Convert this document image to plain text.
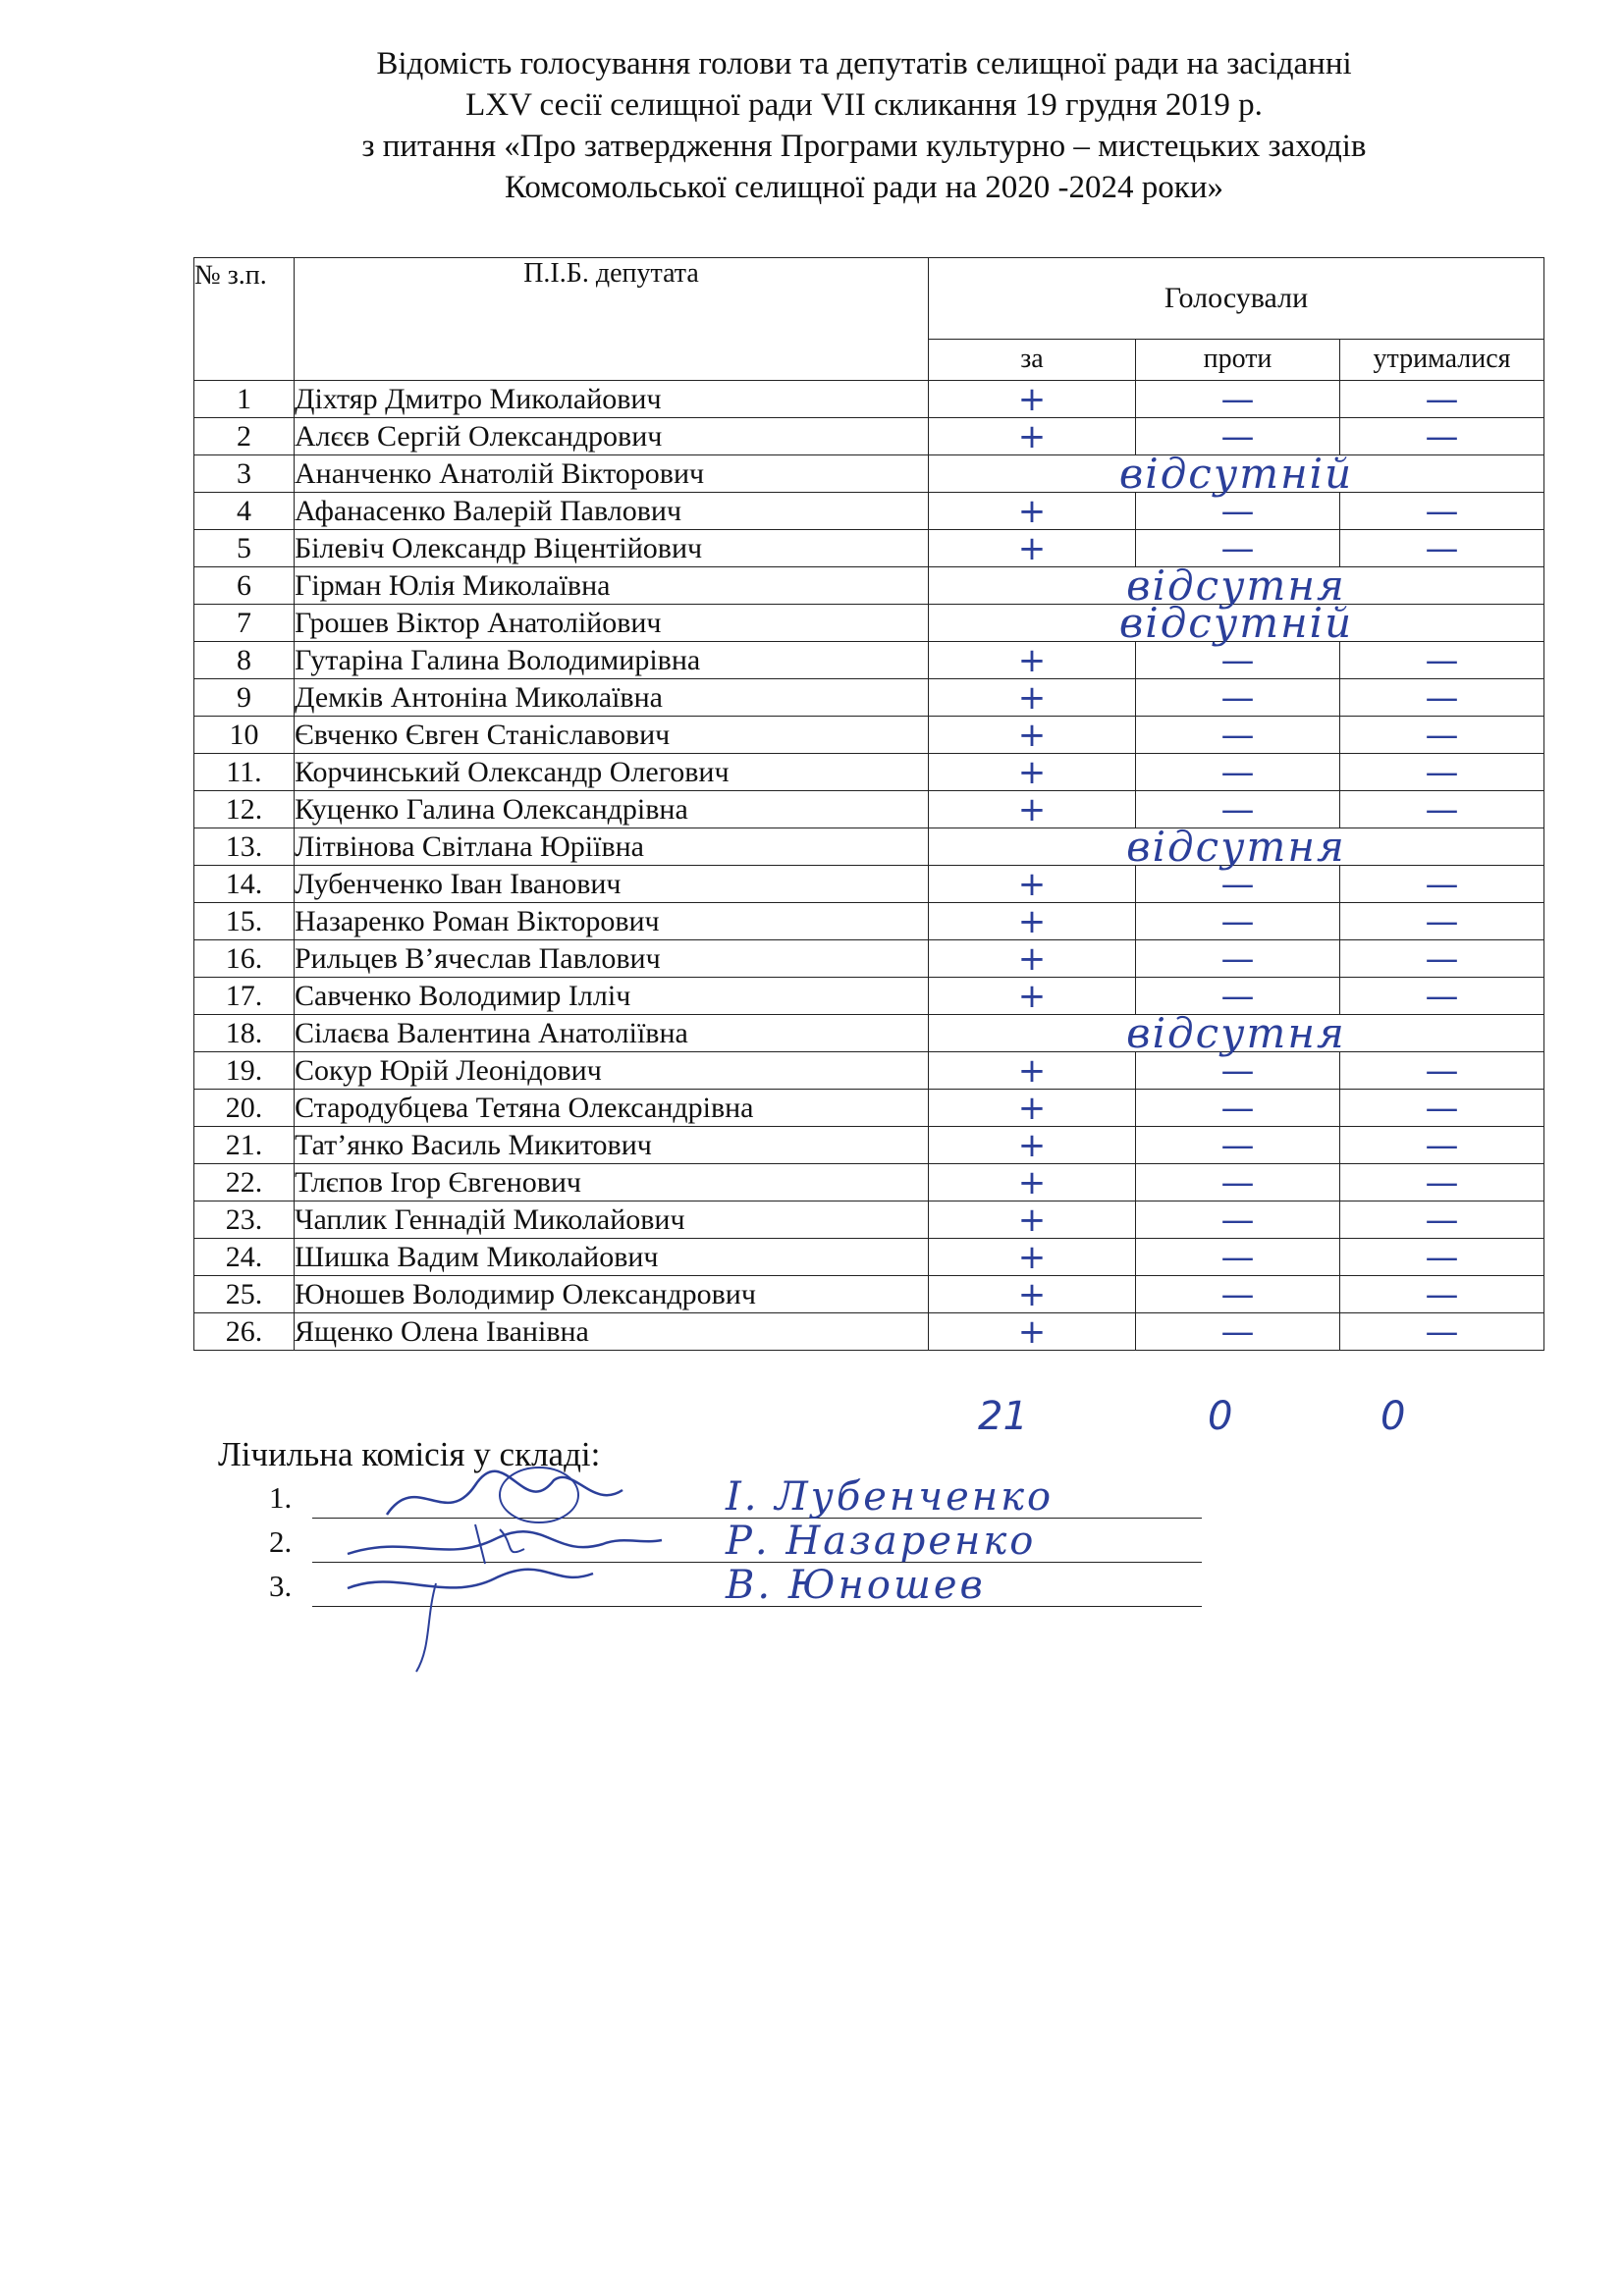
Відомість голосування голови та депутатів селищної ради на засіданні
LXV сесії селищної ради VII скликання 19 грудня 2019 р.
з питання «Про затвердження Програми культурно – мистецьких заходів
Комсомольської селищної ради на 2020 -2024 роки»
№ з.п.	П.І.Б. депутата	Голосували		
		за	проти	утрималися
1	Діхтяр Дмитро Миколайович	+	—	—
2	Алєєв Сергій Олександрович	+	—	—
3	Ананченко Анатолій Вікторович	відсутній		
4	Афанасенко Валерій Павлович	+	—	—
5	Білевіч Олександр Віцентійович	+	—	—
6	Гірман Юлія Миколаївна	відсутня		
7	Грошев Віктор Анатолійович	відсутній		
8	Гутаріна Галина Володимирівна	+	—	—
9	Демків Антоніна Миколаївна	+	—	—
10	Євченко Євген Станіславович	+	—	—
11.	Корчинський Олександр Олегович	+	—	—
12.	Куценко Галина Олександрівна	+	—	—
13.	Літвінова Світлана Юріївна	відсутня		
14.	Лубенченко Іван Іванович	+	—	—
15.	Назаренко Роман Вікторович	+	—	—
16.	Рильцев В’ячеслав Павлович	+	—	—
17.	Савченко Володимир Ілліч	+	—	—
18.	Сілаєва Валентина Анатоліївна	відсутня		
19.	Сокур Юрій Леонідович	+	—	—
20.	Стародубцева Тетяна Олександрівна	+	—	—
21.	Тат’янко Василь Микитович	+	—	—
22.	Тлєпов Ігор Євгенович	+	—	—
23.	Чаплик Геннадій Миколайович	+	—	—
24.	Шишка Вадим Миколайович	+	—	—
25.	Юношев Володимир Олександрович	+	—	—
26.	Ященко Олена Іванівна	+	—	—
21	0	0
Лічильна комісія у складі:
1.	І. Лубенченко
2.	Р. Назаренко
3.	В. Юношев
